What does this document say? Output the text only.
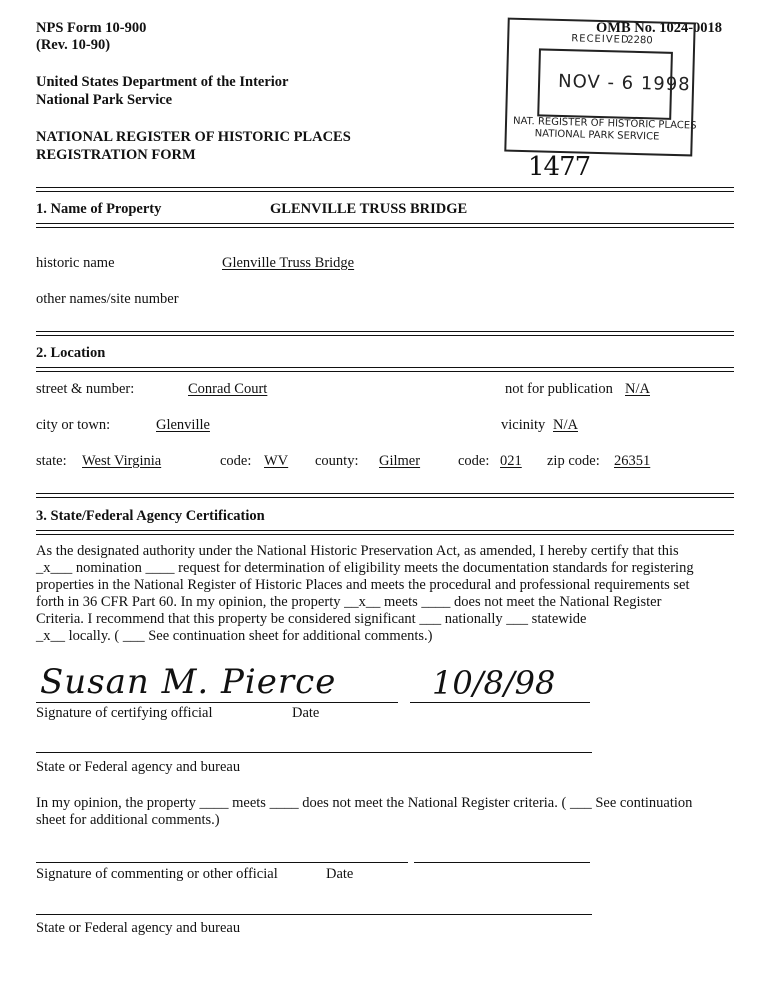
NPS Form 10-900
(Rev. 10-90)
United States Department of the Interior
National Park Service
NATIONAL REGISTER OF HISTORIC PLACES
REGISTRATION FORM
OMB No. 1024-0018
RECEIVED
2280
NOV - 6 1998
NAT. REGISTER OF HISTORIC PLACES
NATIONAL PARK SERVICE
1477
1. Name of Property	GLENVILLE TRUSS BRIDGE
historic name	Glenville Truss Bridge
other names/site number
2. Location
street & number:	Conrad Court	not for publication N/A
city or town:	Glenville	vicinity N/A
state: West Virginia	code: WV county: Gilmer	code: 021 zip code: 26351
3. State/Federal Agency Certification
As the designated authority under the National Historic Preservation Act, as amended, I hereby certify that this
_x___ nomination ____ request for determination of eligibility meets the documentation standards for registering
properties in the National Register of Historic Places and meets the procedural and professional requirements set
forth in 36 CFR Part 60. In my opinion, the property __x__ meets ____ does not meet the National Register
Criteria. I recommend that this property be considered significant ___ nationally ___ statewide
_x__ locally. ( ___ See continuation sheet for additional comments.)
Susan M. Pierce	10/8/98
Signature of certifying official	Date
State or Federal agency and bureau
In my opinion, the property ____ meets ____ does not meet the National Register criteria. ( ___ See continuation
sheet for additional comments.)
Signature of commenting or other official	Date
State or Federal agency and bureau
